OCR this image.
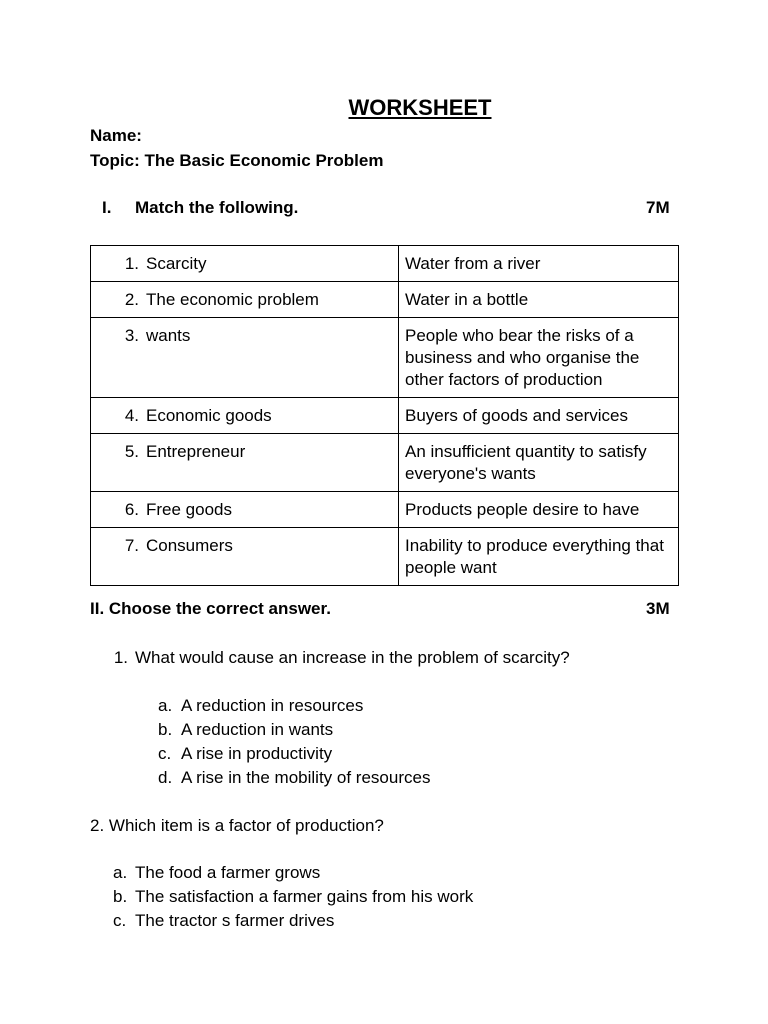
WORKSHEET
Name:
Topic: The Basic Economic Problem
I. Match the following.	7M
1. Scarcity	Water from a river
2. The economic problem	Water in a bottle
3. wants	People who bear the risks of a business and who organise the other factors of production
4. Economic goods	Buyers of goods and services
5. Entrepreneur	An insufficient quantity to satisfy everyone's wants
6. Free goods	Products people desire to have
7. Consumers	Inability to produce everything that people want
II. Choose the correct answer.	3M
1. What would cause an increase in the problem of scarcity?
a. A reduction in resources
b. A reduction in wants
c. A rise in productivity
d. A rise in the mobility of resources
2. Which item is a factor of production?
a. The food a farmer grows
b. The satisfaction a farmer gains from his work
c. The tractor s farmer drives
